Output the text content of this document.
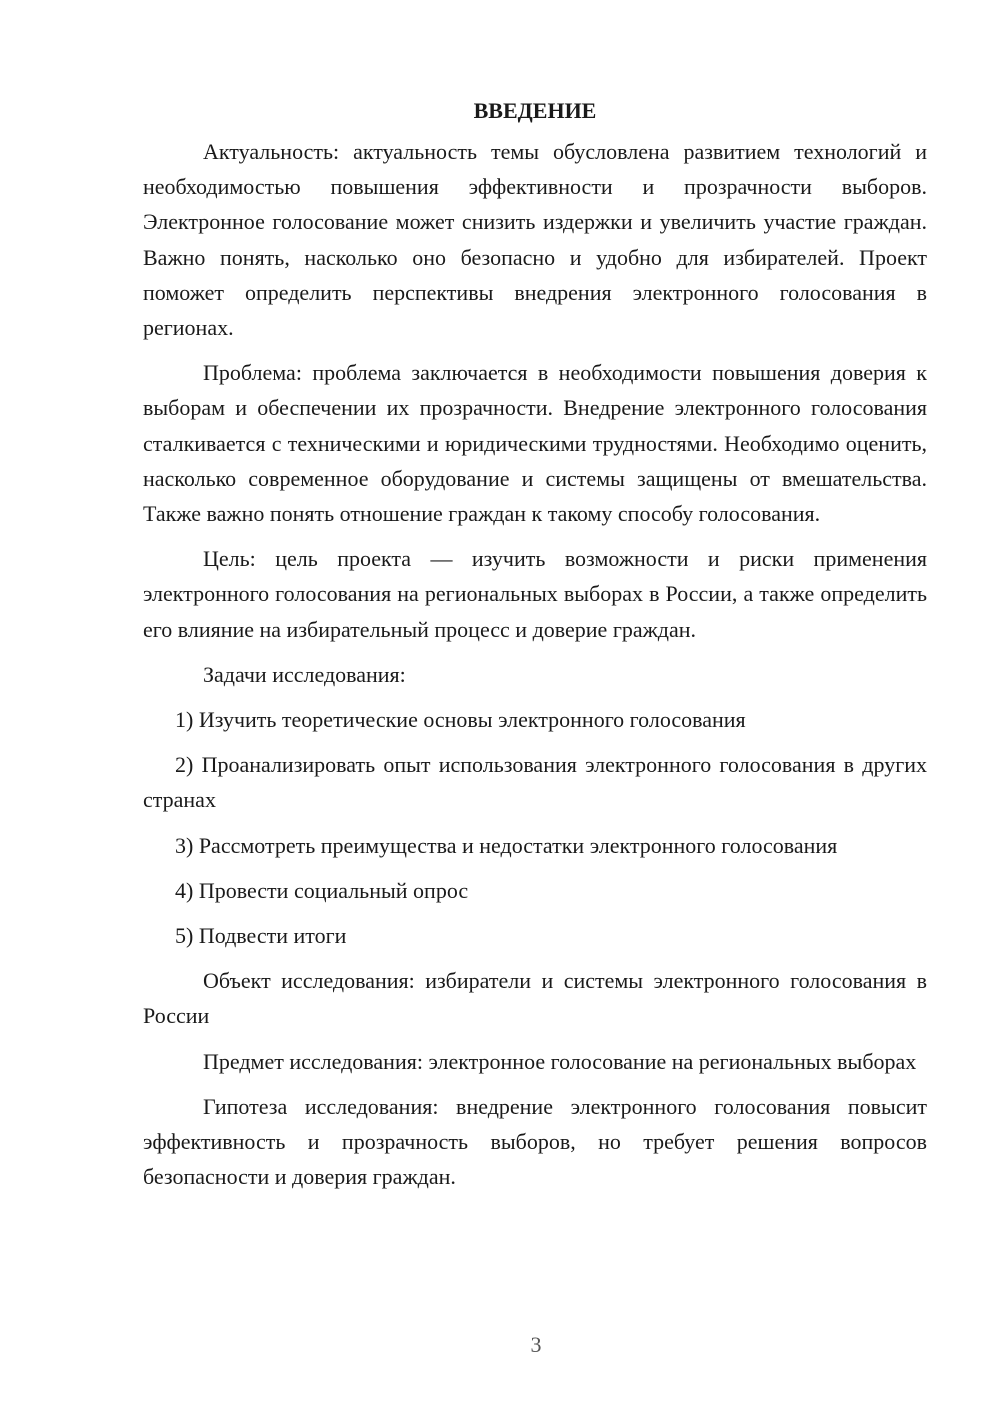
ВВЕДЕНИЕ

Актуальность: актуальность темы обусловлена развитием технологий и необходимостью повышения эффективности и прозрачности выборов. Электронное голосование может снизить издержки и увеличить участие граждан. Важно понять, насколько оно безопасно и удобно для избирателей. Проект поможет определить перспективы внедрения электронного голосования в регионах.

Проблема: проблема заключается в необходимости повышения доверия к выборам и обеспечении их прозрачности. Внедрение электронного голосования сталкивается с техническими и юридическими трудностями. Необходимо оценить, насколько современное оборудование и системы защищены от вмешательства. Также важно понять отношение граждан к такому способу голосования.

Цель: цель проекта — изучить возможности и риски применения электронного голосования на региональных выборах в России, а также определить его влияние на избирательный процесс и доверие граждан.

Задачи исследования:

1) Изучить теоретические основы электронного голосования

2) Проанализировать опыт использования электронного голосования в других странах

3) Рассмотреть преимущества и недостатки электронного голосования

4) Провести социальный опрос

5) Подвести итоги

Объект исследования: избиратели и системы электронного голосования в России

Предмет исследования: электронное голосование на региональных выборах

Гипотеза исследования: внедрение электронного голосования повысит эффективность и прозрачность выборов, но требует решения вопросов безопасности и доверия граждан.

3
